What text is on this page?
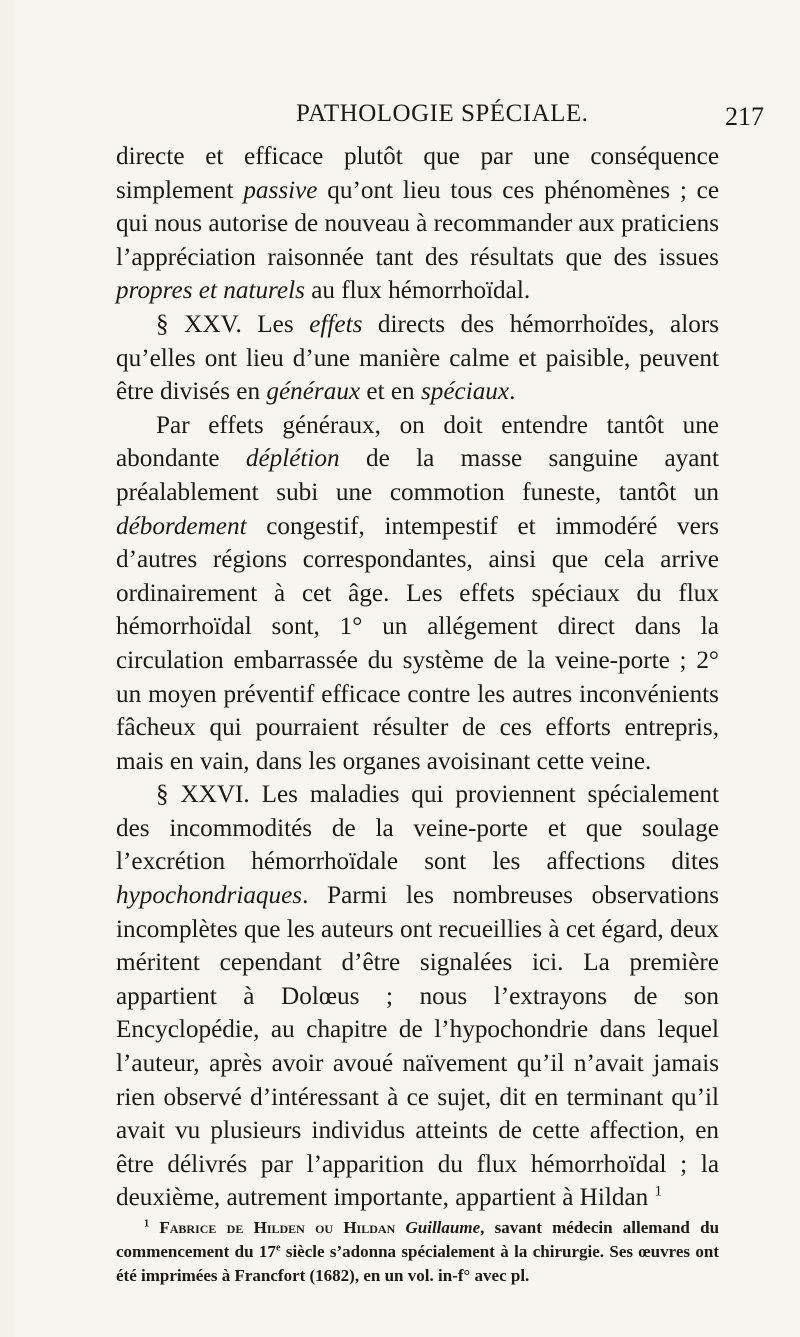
PATHOLOGIE SPÉCIALE.	217

directe et efficace plutôt que par une conséquence simplement passive qu’ont lieu tous ces phénomènes ; ce qui nous autorise de nouveau à recommander aux praticiens l’appréciation raisonnée tant des résultats que des issues propres et naturels au flux hémorrhoïdal.

§ XXV. Les effets directs des hémorrhoïdes, alors qu’elles ont lieu d’une manière calme et paisible, peuvent être divisés en généraux et en spéciaux.

Par effets généraux, on doit entendre tantôt une abondante déplétion de la masse sanguine ayant préalablement subi une commotion funeste, tantôt un débordement congestif, intempestif et immodéré vers d’autres régions correspondantes, ainsi que cela arrive ordinairement à cet âge. Les effets spéciaux du flux hémorrhoïdal sont, 1° un allégement direct dans la circulation embarrassée du système de la veine-porte ; 2° un moyen préventif efficace contre les autres inconvénients fâcheux qui pourraient résulter de ces efforts entrepris, mais en vain, dans les organes avoisinant cette veine.

§ XXVI. Les maladies qui proviennent spécialement des incommodités de la veine-porte et que soulage l’excrétion hémorrhoïdale sont les affections dites hypochondriaques. Parmi les nombreuses observations incomplètes que les auteurs ont recueillies à cet égard, deux méritent cependant d’être signalées ici. La première appartient à Dolœus ; nous l’extrayons de son Encyclopédie, au chapitre de l’hypochondrie dans lequel l’auteur, après avoir avoué naïvement qu’il n’avait jamais rien observé d’intéressant à ce sujet, dit en terminant qu’il avait vu plusieurs individus atteints de cette affection, en être délivrés par l’apparition du flux hémorrhoïdal ; la deuxième, autrement importante, appartient à Hildan $^1$

$^1$ Fabrice de Hilden ou Hildan Guillaume, savant médecin allemand du commencement du 17e siècle s’adonna spécialement à la chirurgie. Ses œuvres ont été imprimées à Francfort (1682), en un vol. in-f° avec pl.
